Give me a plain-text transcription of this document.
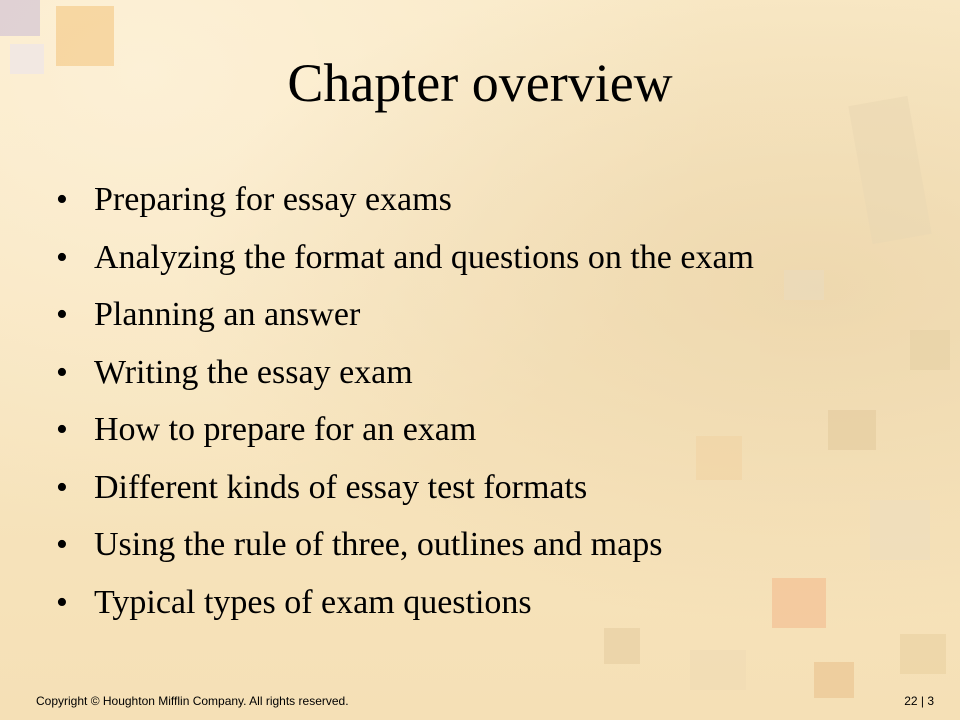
Chapter overview
• Preparing for essay exams
• Analyzing the format and questions on the exam
• Planning an answer
• Writing the essay exam
• How to prepare for an exam
• Different kinds of essay test formats
• Using the rule of three, outlines and maps
• Typical types of exam questions
Copyright © Houghton Mifflin Company. All rights reserved.	22 | 3
